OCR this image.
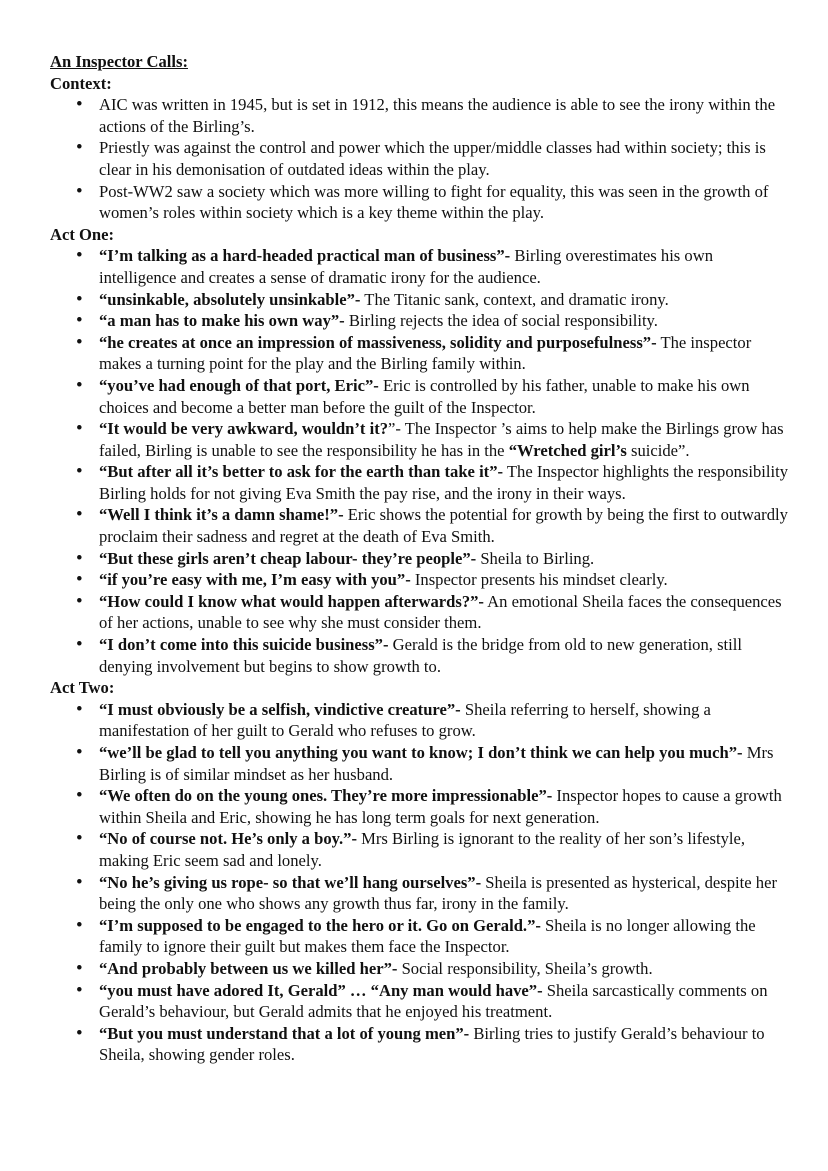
An Inspector Calls:
Context:
• AIC was written in 1945, but is set in 1912, this means the audience is able to see the irony within the actions of the Birling’s.
• Priestly was against the control and power which the upper/middle classes had within society; this is clear in his demonisation of outdated ideas within the play.
• Post-WW2 saw a society which was more willing to fight for equality, this was seen in the growth of women’s roles within society which is a key theme within the play.
Act One:
• “I’m talking as a hard-headed practical man of business”- Birling overestimates his own intelligence and creates a sense of dramatic irony for the audience.
• “unsinkable, absolutely unsinkable”- The Titanic sank, context, and dramatic irony.
• “a man has to make his own way”- Birling rejects the idea of social responsibility.
• “he creates at once an impression of massiveness, solidity and purposefulness”- The inspector makes a turning point for the play and the Birling family within.
• “you’ve had enough of that port, Eric”- Eric is controlled by his father, unable to make his own choices and become a better man before the guilt of the Inspector.
• “It would be very awkward, wouldn’t it?”- The Inspector ’s aims to help make the Birlings grow has failed, Birling is unable to see the responsibility he has in the “Wretched girl’s suicide”.
• “But after all it’s better to ask for the earth than take it”- The Inspector highlights the responsibility Birling holds for not giving Eva Smith the pay rise, and the irony in their ways.
• “Well I think it’s a damn shame!”- Eric shows the potential for growth by being the first to outwardly proclaim their sadness and regret at the death of Eva Smith.
• “But these girls aren’t cheap labour- they’re people”- Sheila to Birling.
• “if you’re easy with me, I’m easy with you”- Inspector presents his mindset clearly.
• “How could I know what would happen afterwards?”- An emotional Sheila faces the consequences of her actions, unable to see why she must consider them.
• “I don’t come into this suicide business”- Gerald is the bridge from old to new generation, still denying involvement but begins to show growth to.
Act Two:
• “I must obviously be a selfish, vindictive creature”- Sheila referring to herself, showing a manifestation of her guilt to Gerald who refuses to grow.
• “we’ll be glad to tell you anything you want to know; I don’t think we can help you much”- Mrs Birling is of similar mindset as her husband.
• “We often do on the young ones. They’re more impressionable”- Inspector hopes to cause a growth within Sheila and Eric, showing he has long term goals for next generation.
• “No of course not. He’s only a boy.”- Mrs Birling is ignorant to the reality of her son’s lifestyle, making Eric seem sad and lonely.
• “No he’s giving us rope- so that we’ll hang ourselves”- Sheila is presented as hysterical, despite her being the only one who shows any growth thus far, irony in the family.
• “I’m supposed to be engaged to the hero or it. Go on Gerald.”- Sheila is no longer allowing the family to ignore their guilt but makes them face the Inspector.
• “And probably between us we killed her”- Social responsibility, Sheila’s growth.
• “you must have adored It, Gerald” … “Any man would have”- Sheila sarcastically comments on Gerald’s behaviour, but Gerald admits that he enjoyed his treatment.
• “But you must understand that a lot of young men”- Birling tries to justify Gerald’s behaviour to Sheila, showing gender roles.
